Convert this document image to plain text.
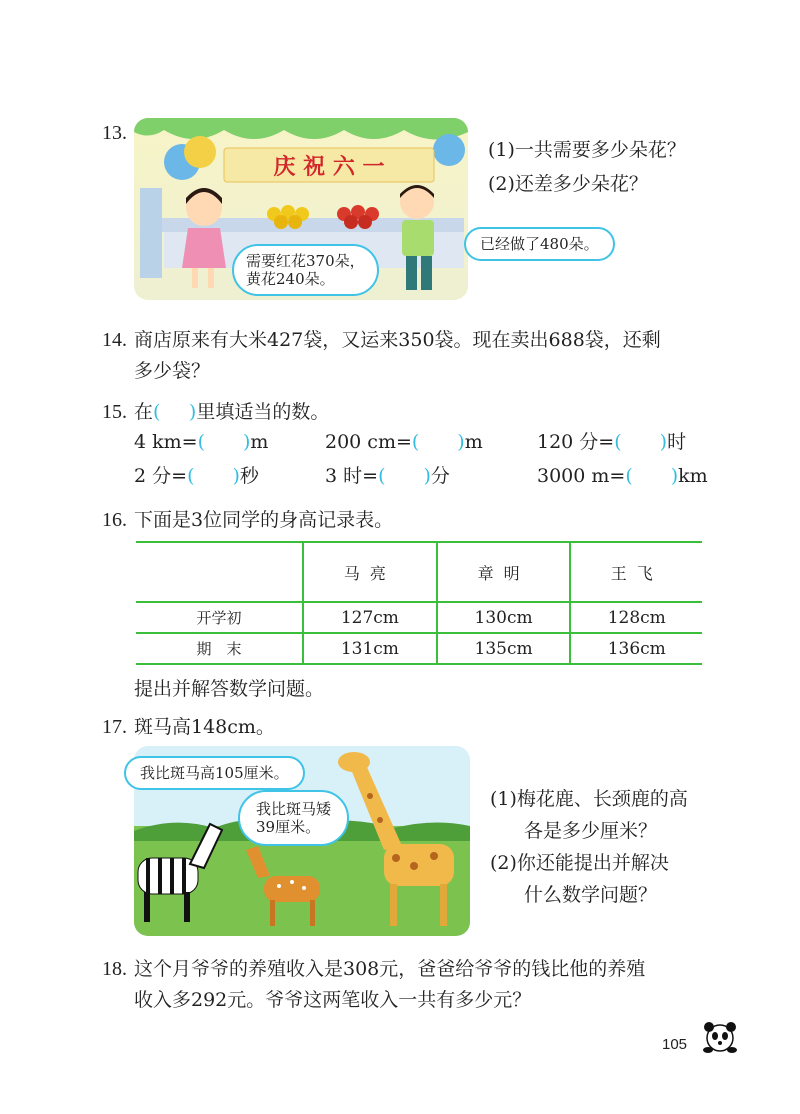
13.
庆 祝 六 一
需要红花370朵，
黄花240朵。
已经做了480朵。
(1)一共需要多少朵花？
(2)还差多少朵花？
14. 商店原来有大米427袋，又运来350袋。现在卖出688袋，还剩
多少袋？
15. 在(  )里填适当的数。
4 km=(  )m	200 cm=(  )m	120 分=(  )时
2 分=(  )秒	3 时=(  )分	3000 m=(  )km
16. 下面是3位同学的身高记录表。
	马亮	章明	王飞
开学初	127cm	130cm	128cm
期　末	131cm	135cm	136cm
提出并解答数学问题。
17. 斑马高148cm。
我比斑马高105厘米。
我比斑马矮
39厘米。
(1)梅花鹿、长颈鹿的高
各是多少厘米？
(2)你还能提出并解决
什么数学问题？
18. 这个月爷爷的养殖收入是308元，爸爸给爷爷的钱比他的养殖
收入多292元。爷爷这两笔收入一共有多少元？
105
